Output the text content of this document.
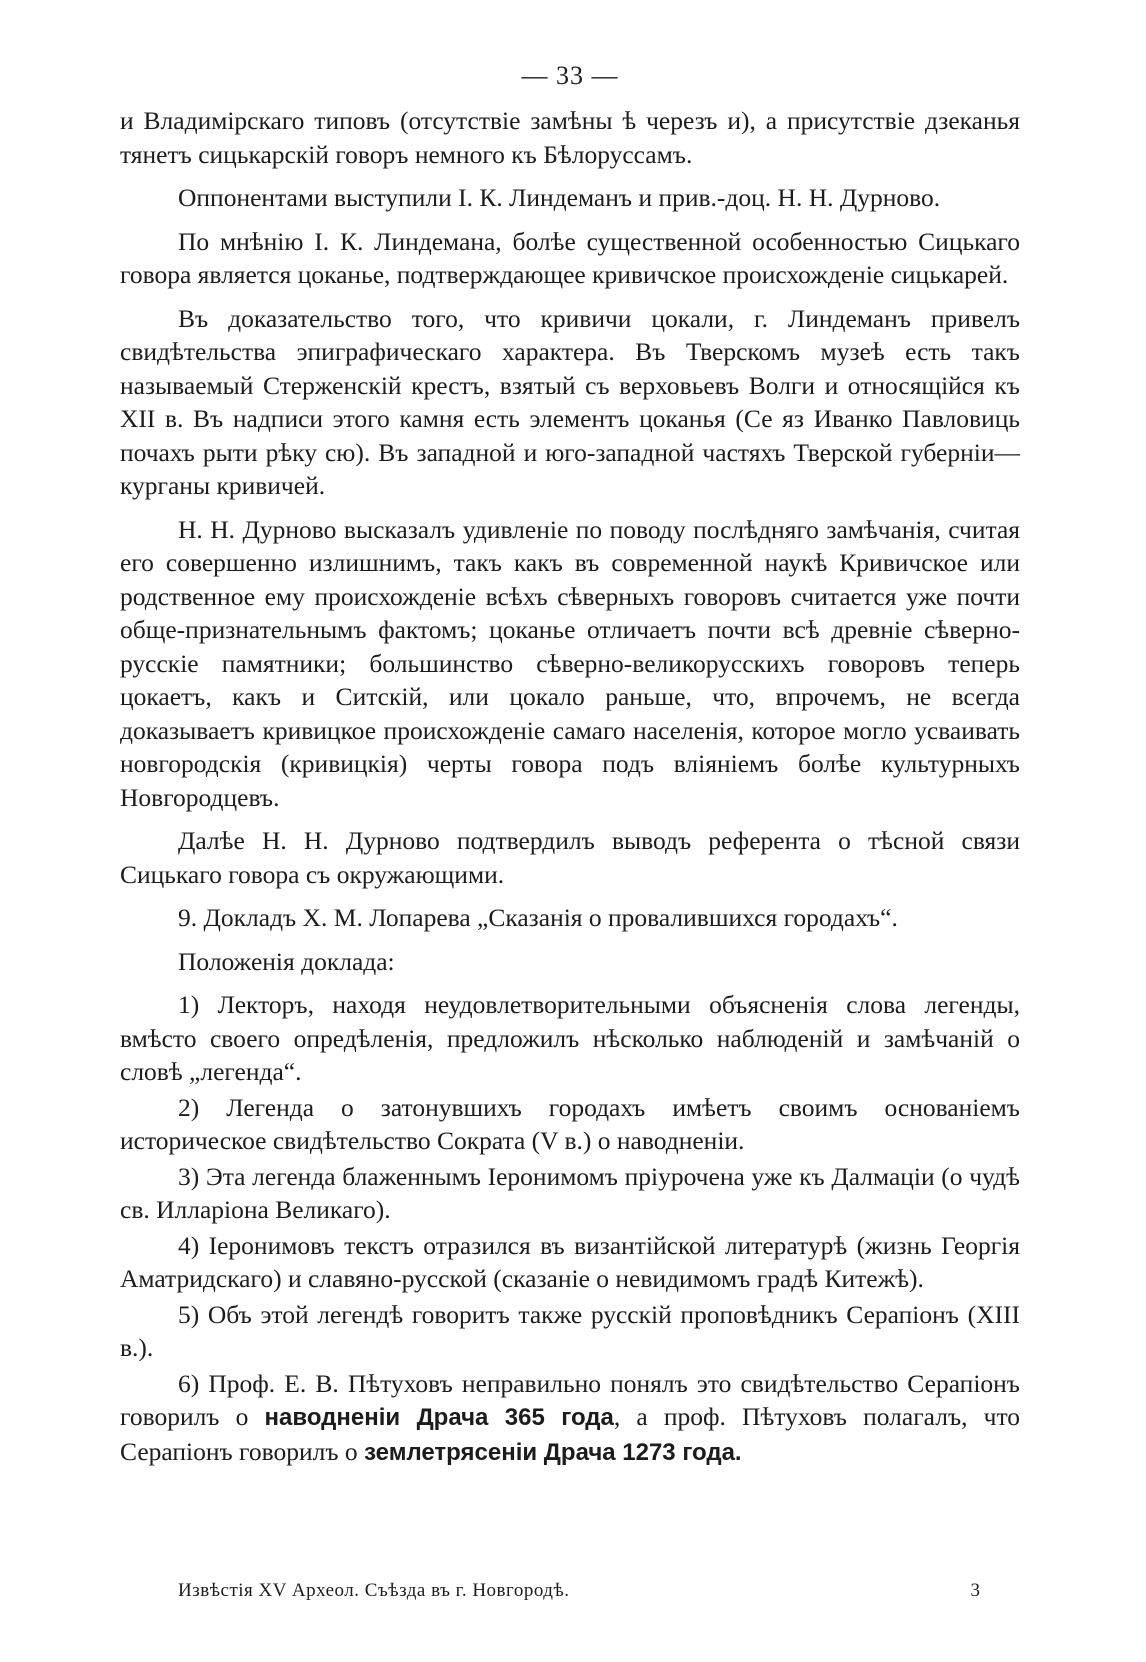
— 33 —

и Владимірскаго типовъ (отсутствіе замѣны ѣ черезъ и), а присутствіе дзеканья тянетъ сицькарскій говоръ немного къ Бѣлоруссамъ.

Оппонентами выступили І. К. Линдеманъ и прив.-доц. Н. Н. Дурново.

По мнѣнію І. К. Линдемана, болѣе существенной особенностью Сицькаго говора является цоканье, подтверждающее кривичское происхожденіе сицькарей.

Въ доказательство того, что кривичи цокали, г. Линдеманъ привелъ свидѣтельства эпиграфическаго характера. Въ Тверскомъ музеѣ есть такъ называемый Стерженскій крестъ, взятый съ верховьевъ Волги и относящійся къ XII в. Въ надписи этого камня есть элементъ цоканья (Се яз Иванко Павловиць почахъ рыти рѣку сю). Въ западной и юго-западной частяхъ Тверской губерніи—курганы кривичей.

Н. Н. Дурново высказалъ удивленіе по поводу послѣдняго замѣчанія, считая его совершенно излишнимъ, такъ какъ въ современной наукѣ Кривичское или родственное ему происхожденіе всѣхъ сѣверныхъ говоровъ считается уже почти обще-признательнымъ фактомъ; цоканье отличаетъ почти всѣ древніе сѣверно-русскіе памятники; большинство сѣверно-великорусскихъ говоровъ теперь цокаетъ, какъ и Ситскій, или цокало раньше, что, впрочемъ, не всегда доказываетъ кривицкое происхожденіе самаго населенія, которое могло усваивать новгородскія (кривицкія) черты говора подъ вліяніемъ болѣе культурныхъ Новгородцевъ.

Далѣе Н. Н. Дурново подтвердилъ выводъ референта о тѣсной связи Сицькаго говора съ окружающими.

9. Докладъ Х. М. Лопарева „Сказанія о провалившихся городахъ“.

Положенія доклада:

1) Лекторъ, находя неудовлетворительными объясненія слова легенды, вмѣсто своего опредѣленія, предложилъ нѣсколько наблюденій и замѣчаній о словѣ „легенда“.

2) Легенда о затонувшихъ городахъ имѣетъ своимъ основаніемъ историческое свидѣтельство Сократа (V в.) о наводненіи.

3) Эта легенда блаженнымъ Іеронимомъ пріурочена уже къ Далмаціи (о чудѣ св. Илларіона Великаго).

4) Іеронимовъ текстъ отразился въ византійской литературѣ (жизнь Георгія Аматридскаго) и славяно-русской (сказаніе о невидимомъ градѣ Китежѣ).

5) Объ этой легендѣ говоритъ также русскій проповѣдникъ Серапіонъ (XIII в.).

6) Проф. Е. В. Пѣтуховъ неправильно понялъ это свидѣтельство Серапіонъ говорилъ о наводненіи Драча 365 года, а проф. Пѣтуховъ полагалъ, что Серапіонъ говорилъ о землетрясеніи Драча 1273 года.

Извѣстія XV Археол. Съѣзда въ г. Новгородѣ.	3
